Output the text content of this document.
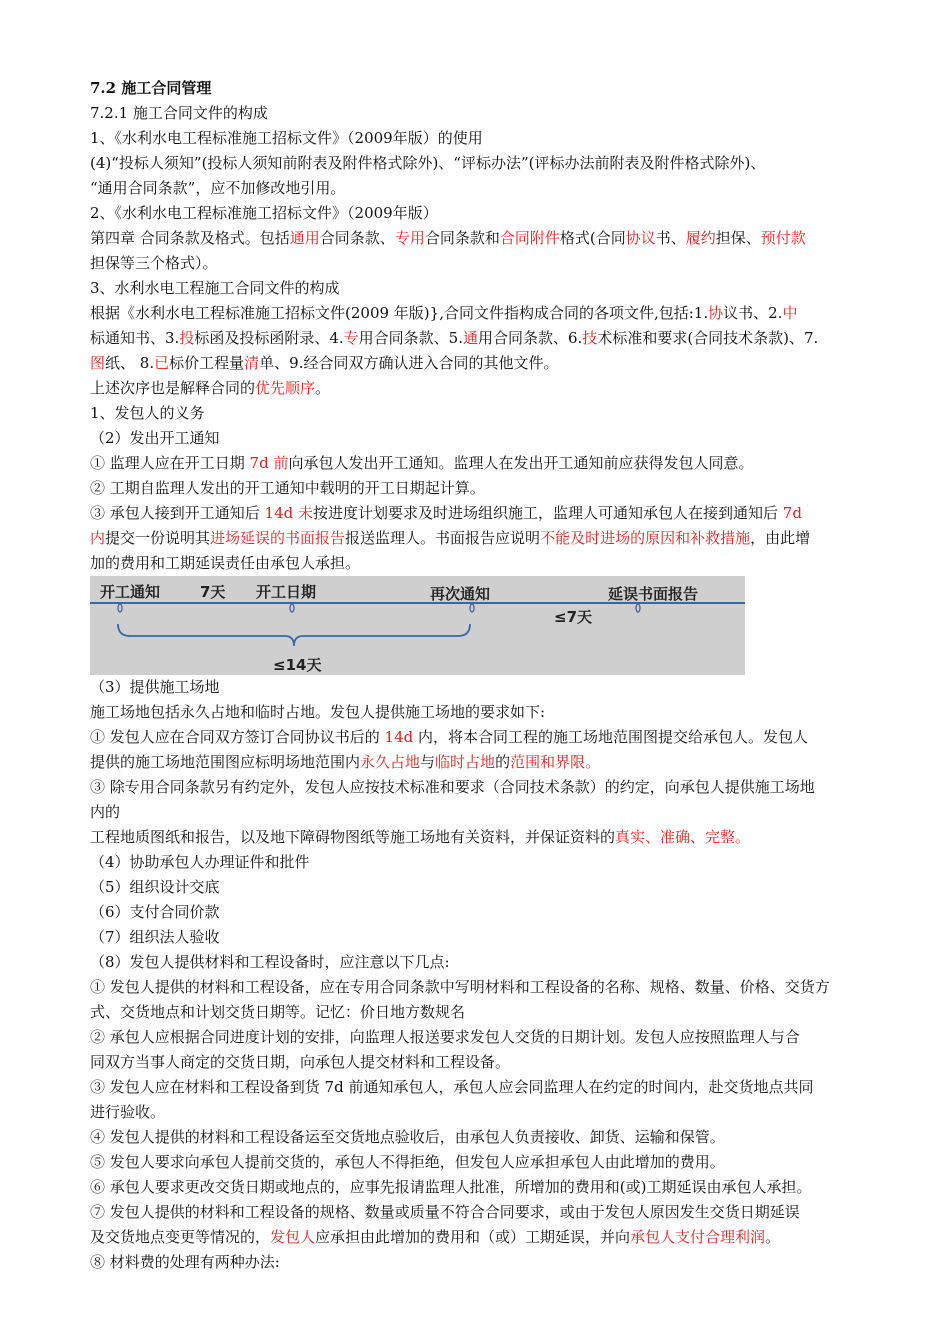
7.2 施工合同管理

7.2.1 施工合同文件的构成

1、《水利水电工程标准施工招标文件》（2009年版）的使用

(4)“投标人须知”(投标人须知前附表及附件格式除外)、“评标办法”(评标办法前附表及附件格式除外)、

“通用合同条款”，应不加修改地引用。

2、《水利水电工程标准施工招标文件》（2009年版）

第四章 合同条款及格式。包括通用合同条款、专用合同条款和合同附件格式(合同协议书、履约担保、预付款

担保等三个格式）。

3、水利水电工程施工合同文件的构成

根据《水利水电工程标准施工招标文件(2009 年版)},合同文件指构成合同的各项文件,包括:1.协议书、2.中

标通知书、3.投标函及投标函附录、4.专用合同条款、5.通用合同条款、6.技术标准和要求(合同技术条款)、7.

图纸、 8.已标价工程量清单、9.经合同双方确认进入合同的其他文件。

上述次序也是解释合同的优先顺序。

1、发包人的义务

（2）发出开工通知

① 监理人应在开工日期 7d 前向承包人发出开工通知。监理人在发出开工通知前应获得发包人同意。

② 工期自监理人发出的开工通知中载明的开工日期起计算。

③ 承包人接到开工通知后 14d 未按进度计划要求及时进场组织施工，监理人可通知承包人在接到通知后 7d

内提交一份说明其进场延误的书面报告报送监理人。书面报告应说明不能及时进场的原因和补救措施，由此增

加的费用和工期延误责任由承包人承担。

开工通知	7天 开工日期	再次通知	延误书面报告
≤7天
≤14天

（3）提供施工场地

施工场地包括永久占地和临时占地。发包人提供施工场地的要求如下:

① 发包人应在合同双方签订合同协议书后的 14d 内，将本合同工程的施工场地范围图提交给承包人。发包人

提供的施工场地范围图应标明场地范围内永久占地与临时占地的范围和界限。

③ 除专用合同条款另有约定外，发包人应按技术标准和要求（合同技术条款）的约定，向承包人提供施工场地

内的

工程地质图纸和报告，以及地下障碍物图纸等施工场地有关资料，并保证资料的真实、准确、完整。

（4）协助承包人办理证件和批件

（5）组织设计交底

（6）支付合同价款

（7）组织法人验收

（8）发包人提供材料和工程设备时，应注意以下几点:

① 发包人提供的材料和工程设备，应在专用合同条款中写明材料和工程设备的名称、规格、数量、价格、交货方

式、交货地点和计划交货日期等。记忆：价日地方数规名

② 承包人应根据合同进度计划的安排，向监理人报送要求发包人交货的日期计划。发包人应按照监理人与合

同双方当事人商定的交货日期，向承包人提交材料和工程设备。

③ 发包人应在材料和工程设备到货 7d 前通知承包人，承包人应会同监理人在约定的时间内，赴交货地点共同

进行验收。

④ 发包人提供的材料和工程设备运至交货地点验收后，由承包人负责接收、卸货、运输和保管。

⑤ 发包人要求向承包人提前交货的，承包人不得拒绝，但发包人应承担承包人由此增加的费用。

⑥ 承包人要求更改交货日期或地点的，应事先报请监理人批准，所增加的费用和(或)工期延误由承包人承担。

⑦ 发包人提供的材料和工程设备的规格、数量或质量不符合合同要求，或由于发包人原因发生交货日期延误

及交货地点变更等情况的，发包人应承担由此增加的费用和（或）工期延误，并向承包人支付合理利润。

⑧ 材料费的处理有两种办法:
